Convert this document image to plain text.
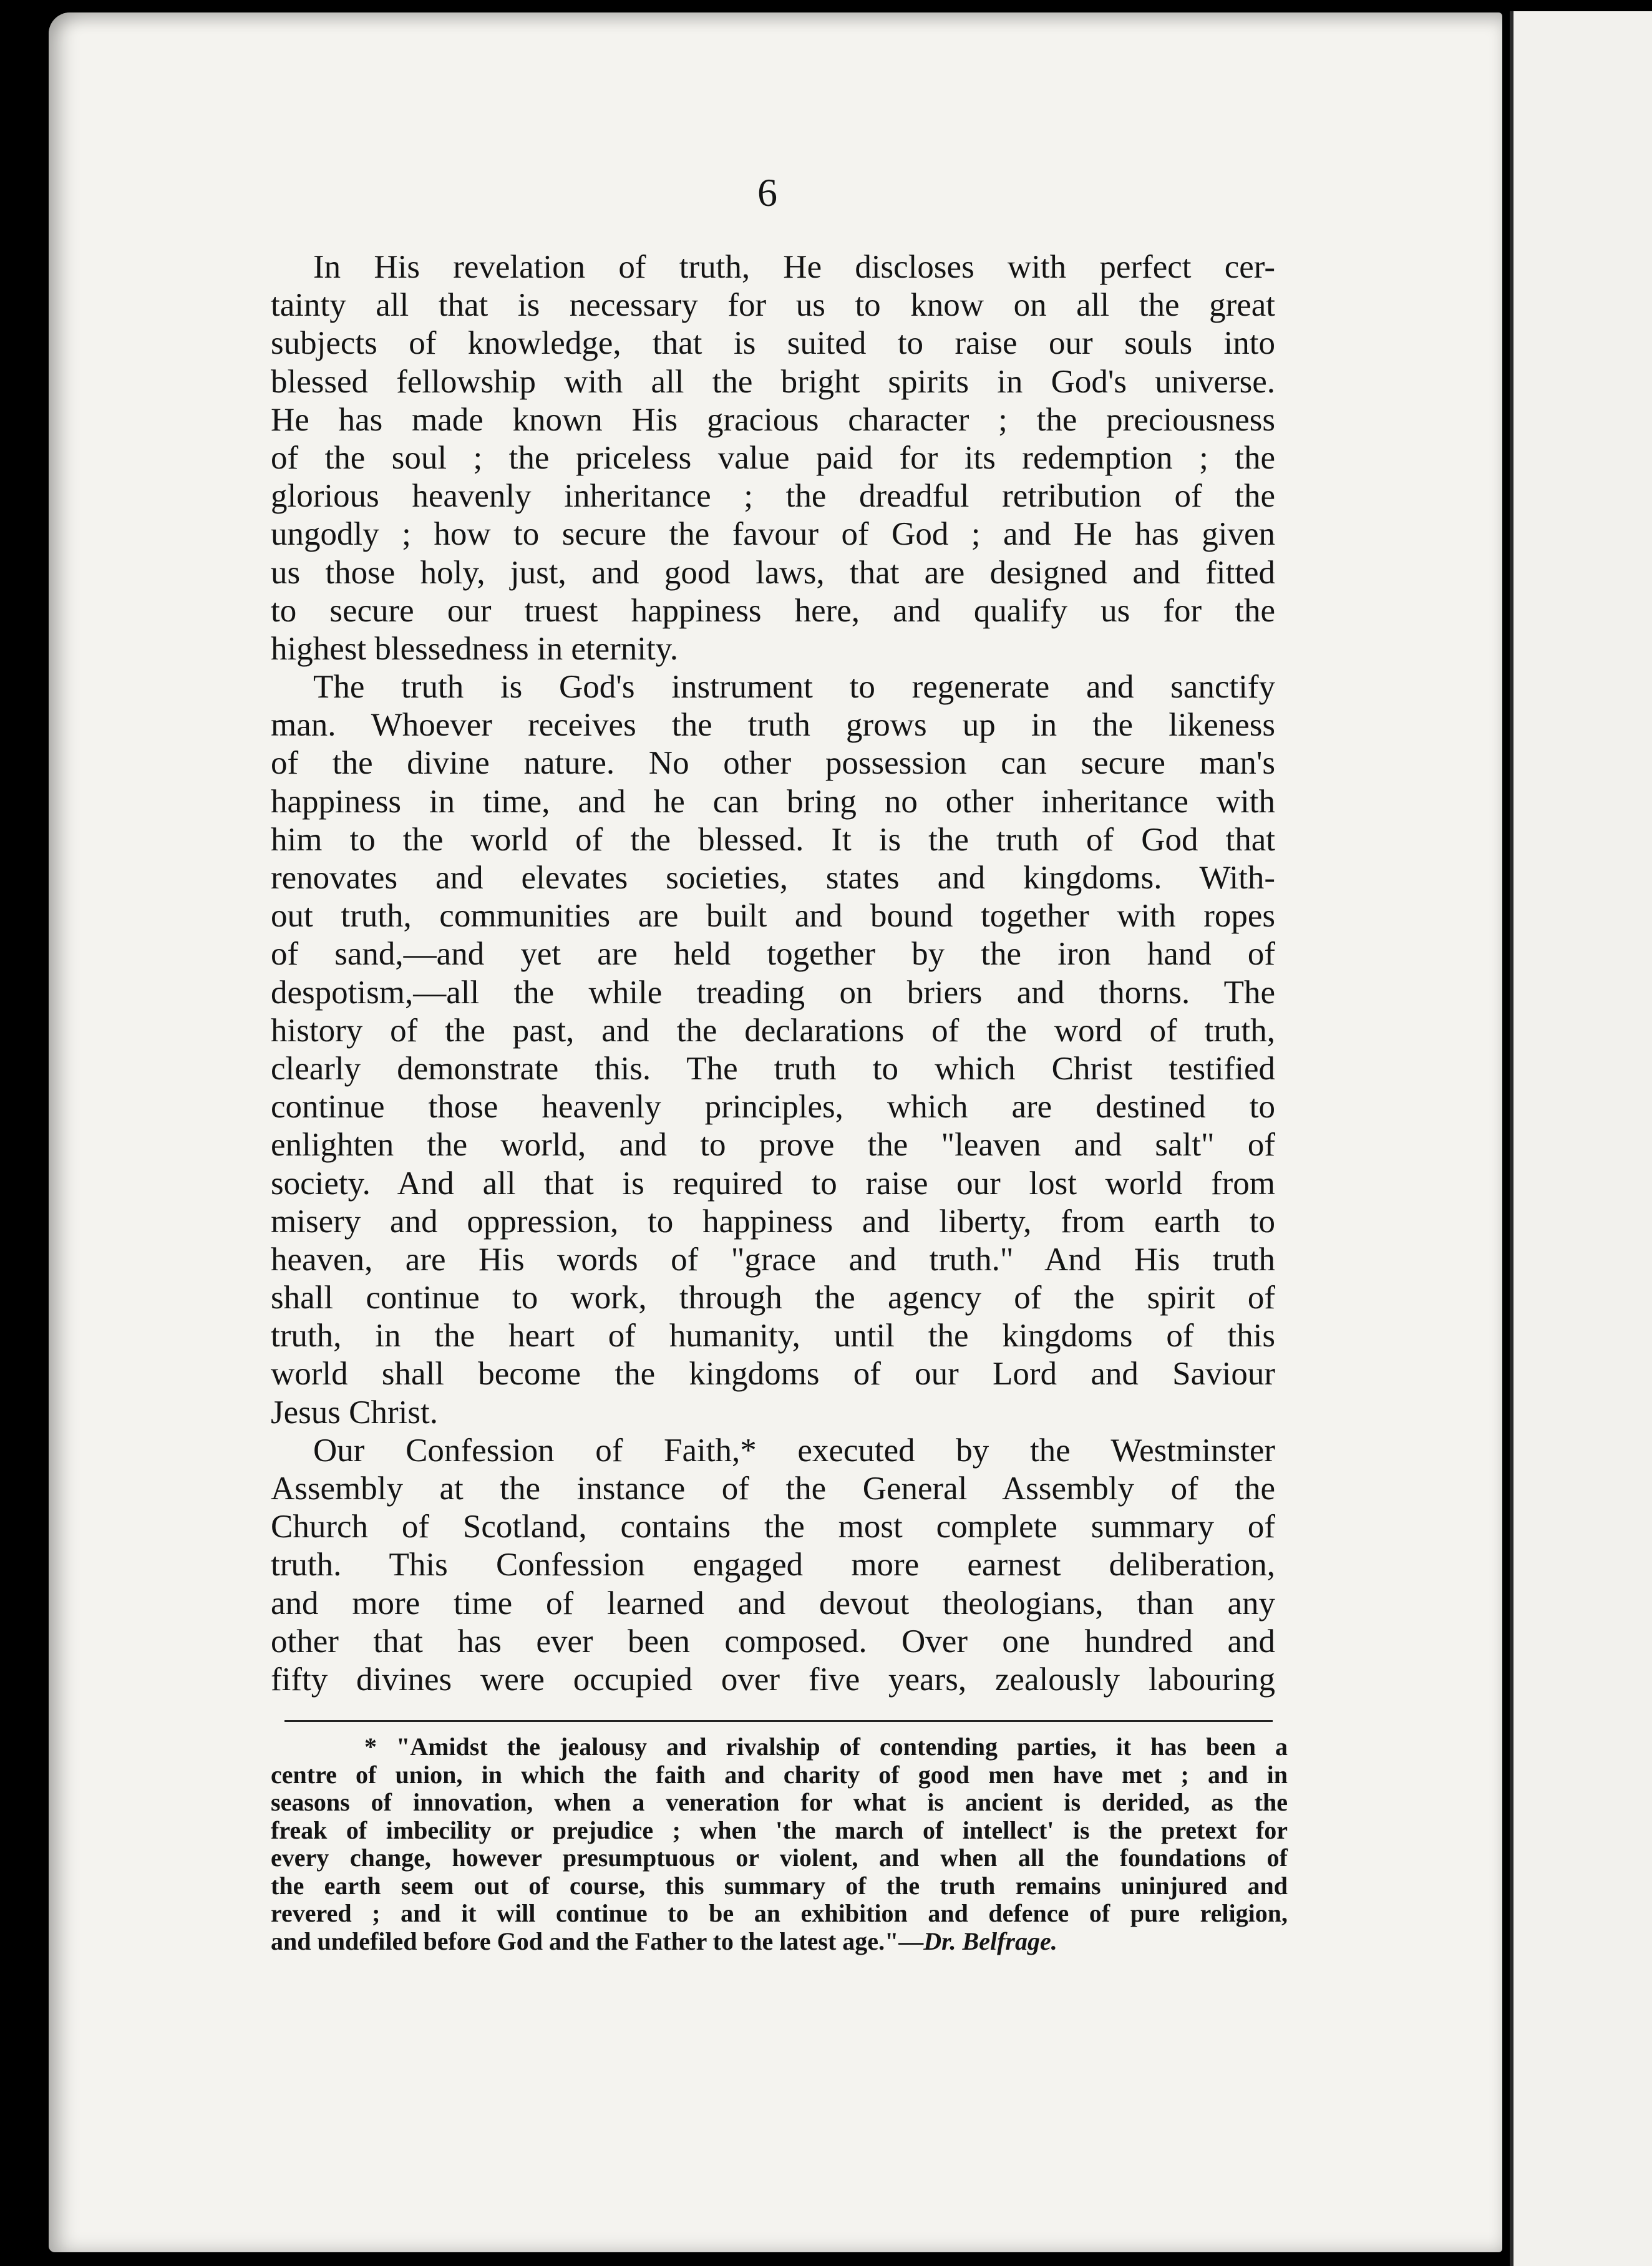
6
In His revelation of truth, He discloses with perfect cer-
tainty all that is necessary for us to know on all the great
subjects of knowledge, that is suited to raise our souls into
blessed fellowship with all the bright spirits in God's universe.
He has made known His gracious character ; the preciousness
of the soul ; the priceless value paid for its redemption ; the
glorious heavenly inheritance ; the dreadful retribution of the
ungodly ; how to secure the favour of God ; and He has given
us those holy, just, and good laws, that are designed and fitted
to secure our truest happiness here, and qualify us for the
highest blessedness in eternity.
The truth is God's instrument to regenerate and sanctify
man. Whoever receives the truth grows up in the likeness
of the divine nature. No other possession can secure man's
happiness in time, and he can bring no other inheritance with
him to the world of the blessed. It is the truth of God that
renovates and elevates societies, states and kingdoms. With-
out truth, communities are built and bound together with ropes
of sand,—and yet are held together by the iron hand of
despotism,—all the while treading on briers and thorns. The
history of the past, and the declarations of the word of truth,
clearly demonstrate this. The truth to which Christ testified
continue those heavenly principles, which are destined to
enlighten the world, and to prove the "leaven and salt" of
society. And all that is required to raise our lost world from
misery and oppression, to happiness and liberty, from earth to
heaven, are His words of "grace and truth." And His truth
shall continue to work, through the agency of the spirit of
truth, in the heart of humanity, until the kingdoms of this
world shall become the kingdoms of our Lord and Saviour
Jesus Christ.
Our Confession of Faith,* executed by the Westminster
Assembly at the instance of the General Assembly of the
Church of Scotland, contains the most complete summary of
truth. This Confession engaged more earnest deliberation,
and more time of learned and devout theologians, than any
other that has ever been composed. Over one hundred and
fifty divines were occupied over five years, zealously labouring
* "Amidst the jealousy and rivalship of contending parties, it has been a
centre of union, in which the faith and charity of good men have met ; and in
seasons of innovation, when a veneration for what is ancient is derided, as the
freak of imbecility or prejudice ; when 'the march of intellect' is the pretext for
every change, however presumptuous or violent, and when all the foundations of
the earth seem out of course, this summary of the truth remains uninjured and
revered ; and it will continue to be an exhibition and defence of pure religion,
and undefiled before God and the Father to the latest age."—Dr. Belfrage.
